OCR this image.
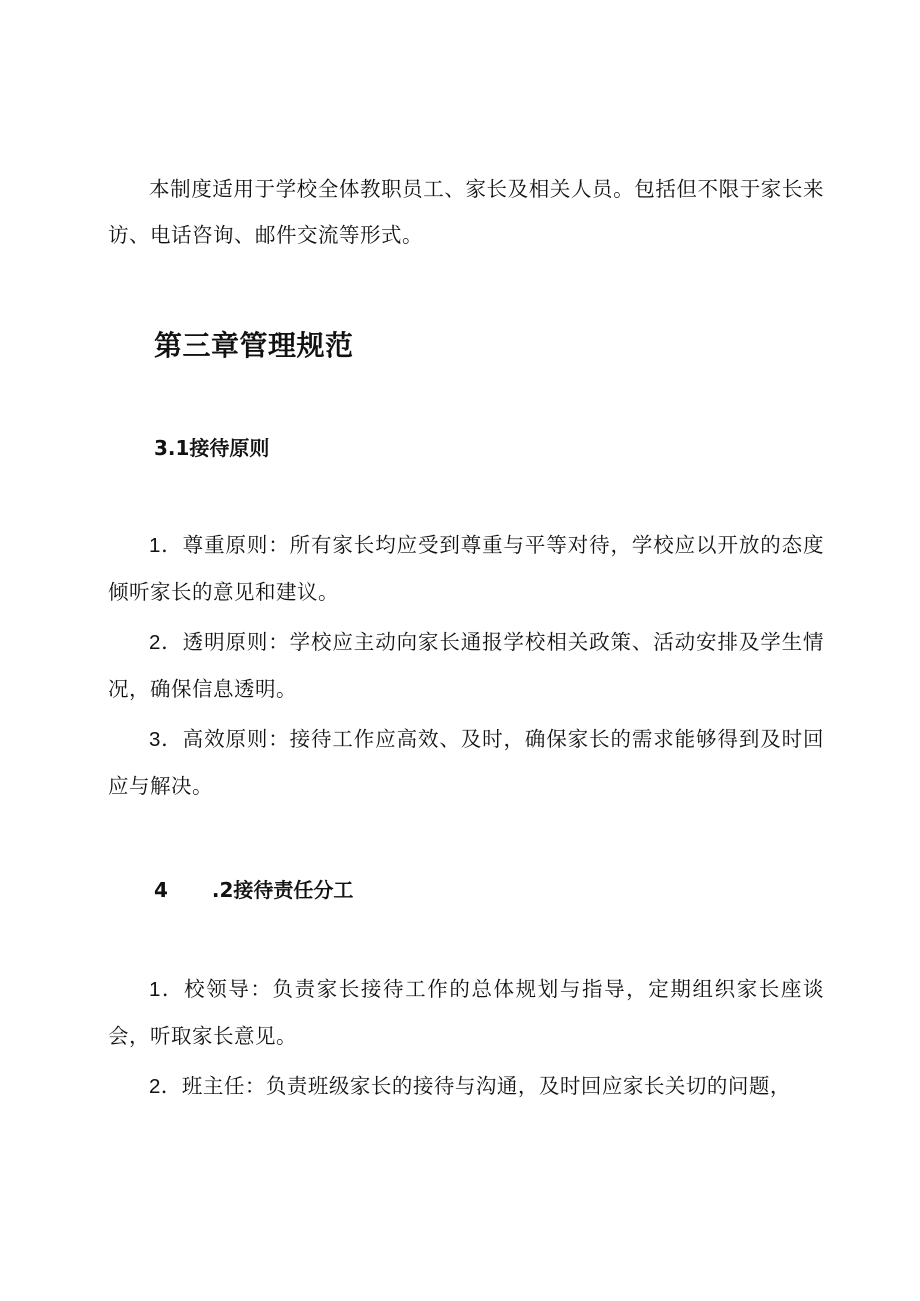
本制度适用于学校全体教职员工、家长及相关人员。包括但不限于家长来访、电话咨询、邮件交流等形式。

第三章管理规范
3.1接待原则

1．尊重原则：所有家长均应受到尊重与平等对待，学校应以开放的态度倾听家长的意见和建议。

2．透明原则：学校应主动向家长通报学校相关政策、活动安排及学生情况，确保信息透明。

3．高效原则：接待工作应高效、及时，确保家长的需求能够得到及时回应与解决。

4 .2接待责任分工

1．校领导：负责家长接待工作的总体规划与指导，定期组织家长座谈会，听取家长意见。

2．班主任：负责班级家长的接待与沟通，及时回应家长关切的问题，
